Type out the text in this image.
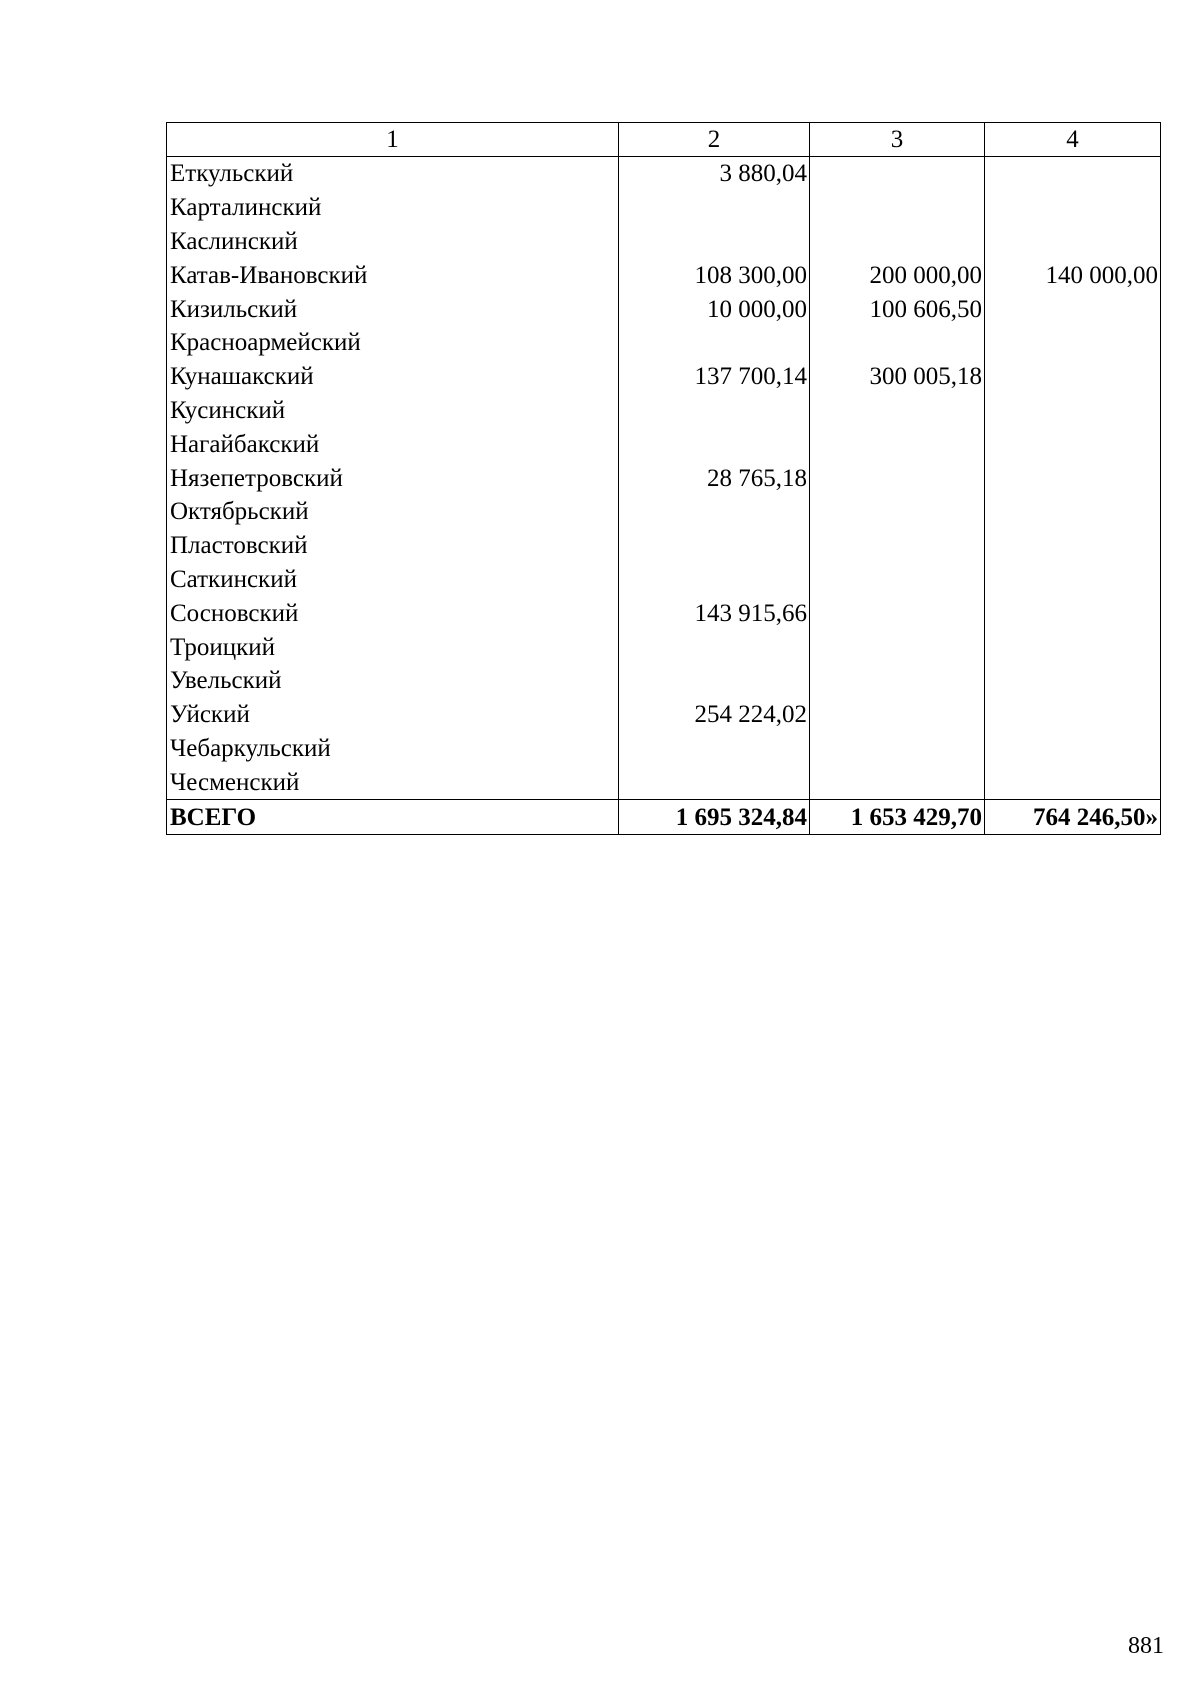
1	2	3	4
Еткульский	3 880,04		
Карталинский			
Каслинский			
Катав-Ивановский	108 300,00	200 000,00	140 000,00
Кизильский	10 000,00	100 606,50	
Красноармейский			
Кунашакский	137 700,14	300 005,18	
Кусинский			
Нагайбакский			
Нязепетровский	28 765,18		
Октябрьский			
Пластовский			
Саткинский			
Сосновский	143 915,66		
Троицкий			
Увельский			
Уйский	254 224,02		
Чебаркульский			
Чесменский			
ВСЕГО	1 695 324,84	1 653 429,70	764 246,50»
881
